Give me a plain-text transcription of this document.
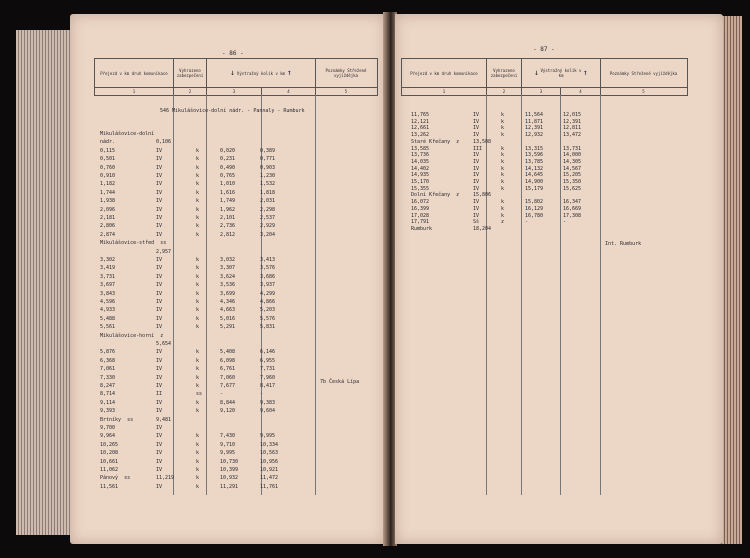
- 86 -
Přejezd v km druh komunikace	Vyhrazeno zabezpečení	↓ Výstražný kolík v km ↑	Poznámky Střežené vyjíždějka
1	2	3	4	5
546 Mikulášovice-dolní nádr. - Pannaly - Rumburk
Mikulášovice-dolní
nádr.	0,106
0,115	IV	k	0,020	0,389
0,501	IV	k	0,231	0,771
0,760	IV	k	0,490	0,903
0,910	IV	k	0,765	1,230
1,182	IV	k	1,010	1,532
1,744	IV	k	1,616	1,818
1,938	IV	k	1,749	2,031
2,096	IV	k	1,962	2,298
2,181	IV	k	2,101	2,537
2,806	IV	k	2,736	2,929
2,874	IV	k	2,812	3,204
Mikulášovice-střed  ss
2,957
3,302	IV	k	3,032	3,413
3,419	IV	k	3,307	3,576
3,731	IV	k	3,624	3,686
3,697	IV	k	3,536	3,937
3,843	IV	k	3,699	4,299
4,596	IV	k	4,346	4,866
4,933	IV	k	4,663	5,203
5,488	IV	k	5,016	5,576
5,561	IV	k	5,291	5,831
Mikulášovice-horní  z
5,654
5,876	IV	k	5,408	6,146
6,368	IV	k	6,098	6,955
7,061	IV	k	6,761	7,731
7,330	IV	k	7,060	7,960
8,247	IV	k	7,677	8,417
8,714	II	ss	-	-
9,114	IV	k	8,844	9,383
9,393	IV	k	9,120	9,604
Brtníky  ss	9,481
9,700	IV
9,964	IV	k	7,430	9,995
10,265	IV	k	9,710	10,334
10,208	IV	k	9,995	10,563
10,661	IV	k	10,730	10,956
11,062	IV	k	10,399	10,921
Pánový  ss	11,219	k	10,932	11,472
11,561	IV	k	11,291	11,761
7b Česká Lípa
- 87 -
Přejezd v km druh komunikace	Vyhrazeno zabezpečení	↓ Výstražný kolík v km	↑	Poznámky Střežené vyjíždějka
1	2	3	4	5
11,765	IV	k	11,564	12,015
12,121	IV	k	11,871	12,391
12,661	IV	k	12,391	12,811
13,262	IV	k	12,932	13,472
Staré Křečany  z	13,508
13,585	III	k	13,315	13,731
13,736	IV	k	13,596	14,000
14,035	IV	k	13,785	14,305
14,402	IV	k	14,132	14,567
14,935	IV	k	14,645	15,205
15,170	IV	k	14,900	15,350
15,355	IV	k	15,179	15,625
Dolní Křečany  z	15,806
16,072	IV	k	15,802	16,347
16,399	IV	k	16,129	16,669
17,028	IV	k	16,780	17,308
17,791	Sš	z	-	-
Rumburk	18,204
Int. Rumburk
